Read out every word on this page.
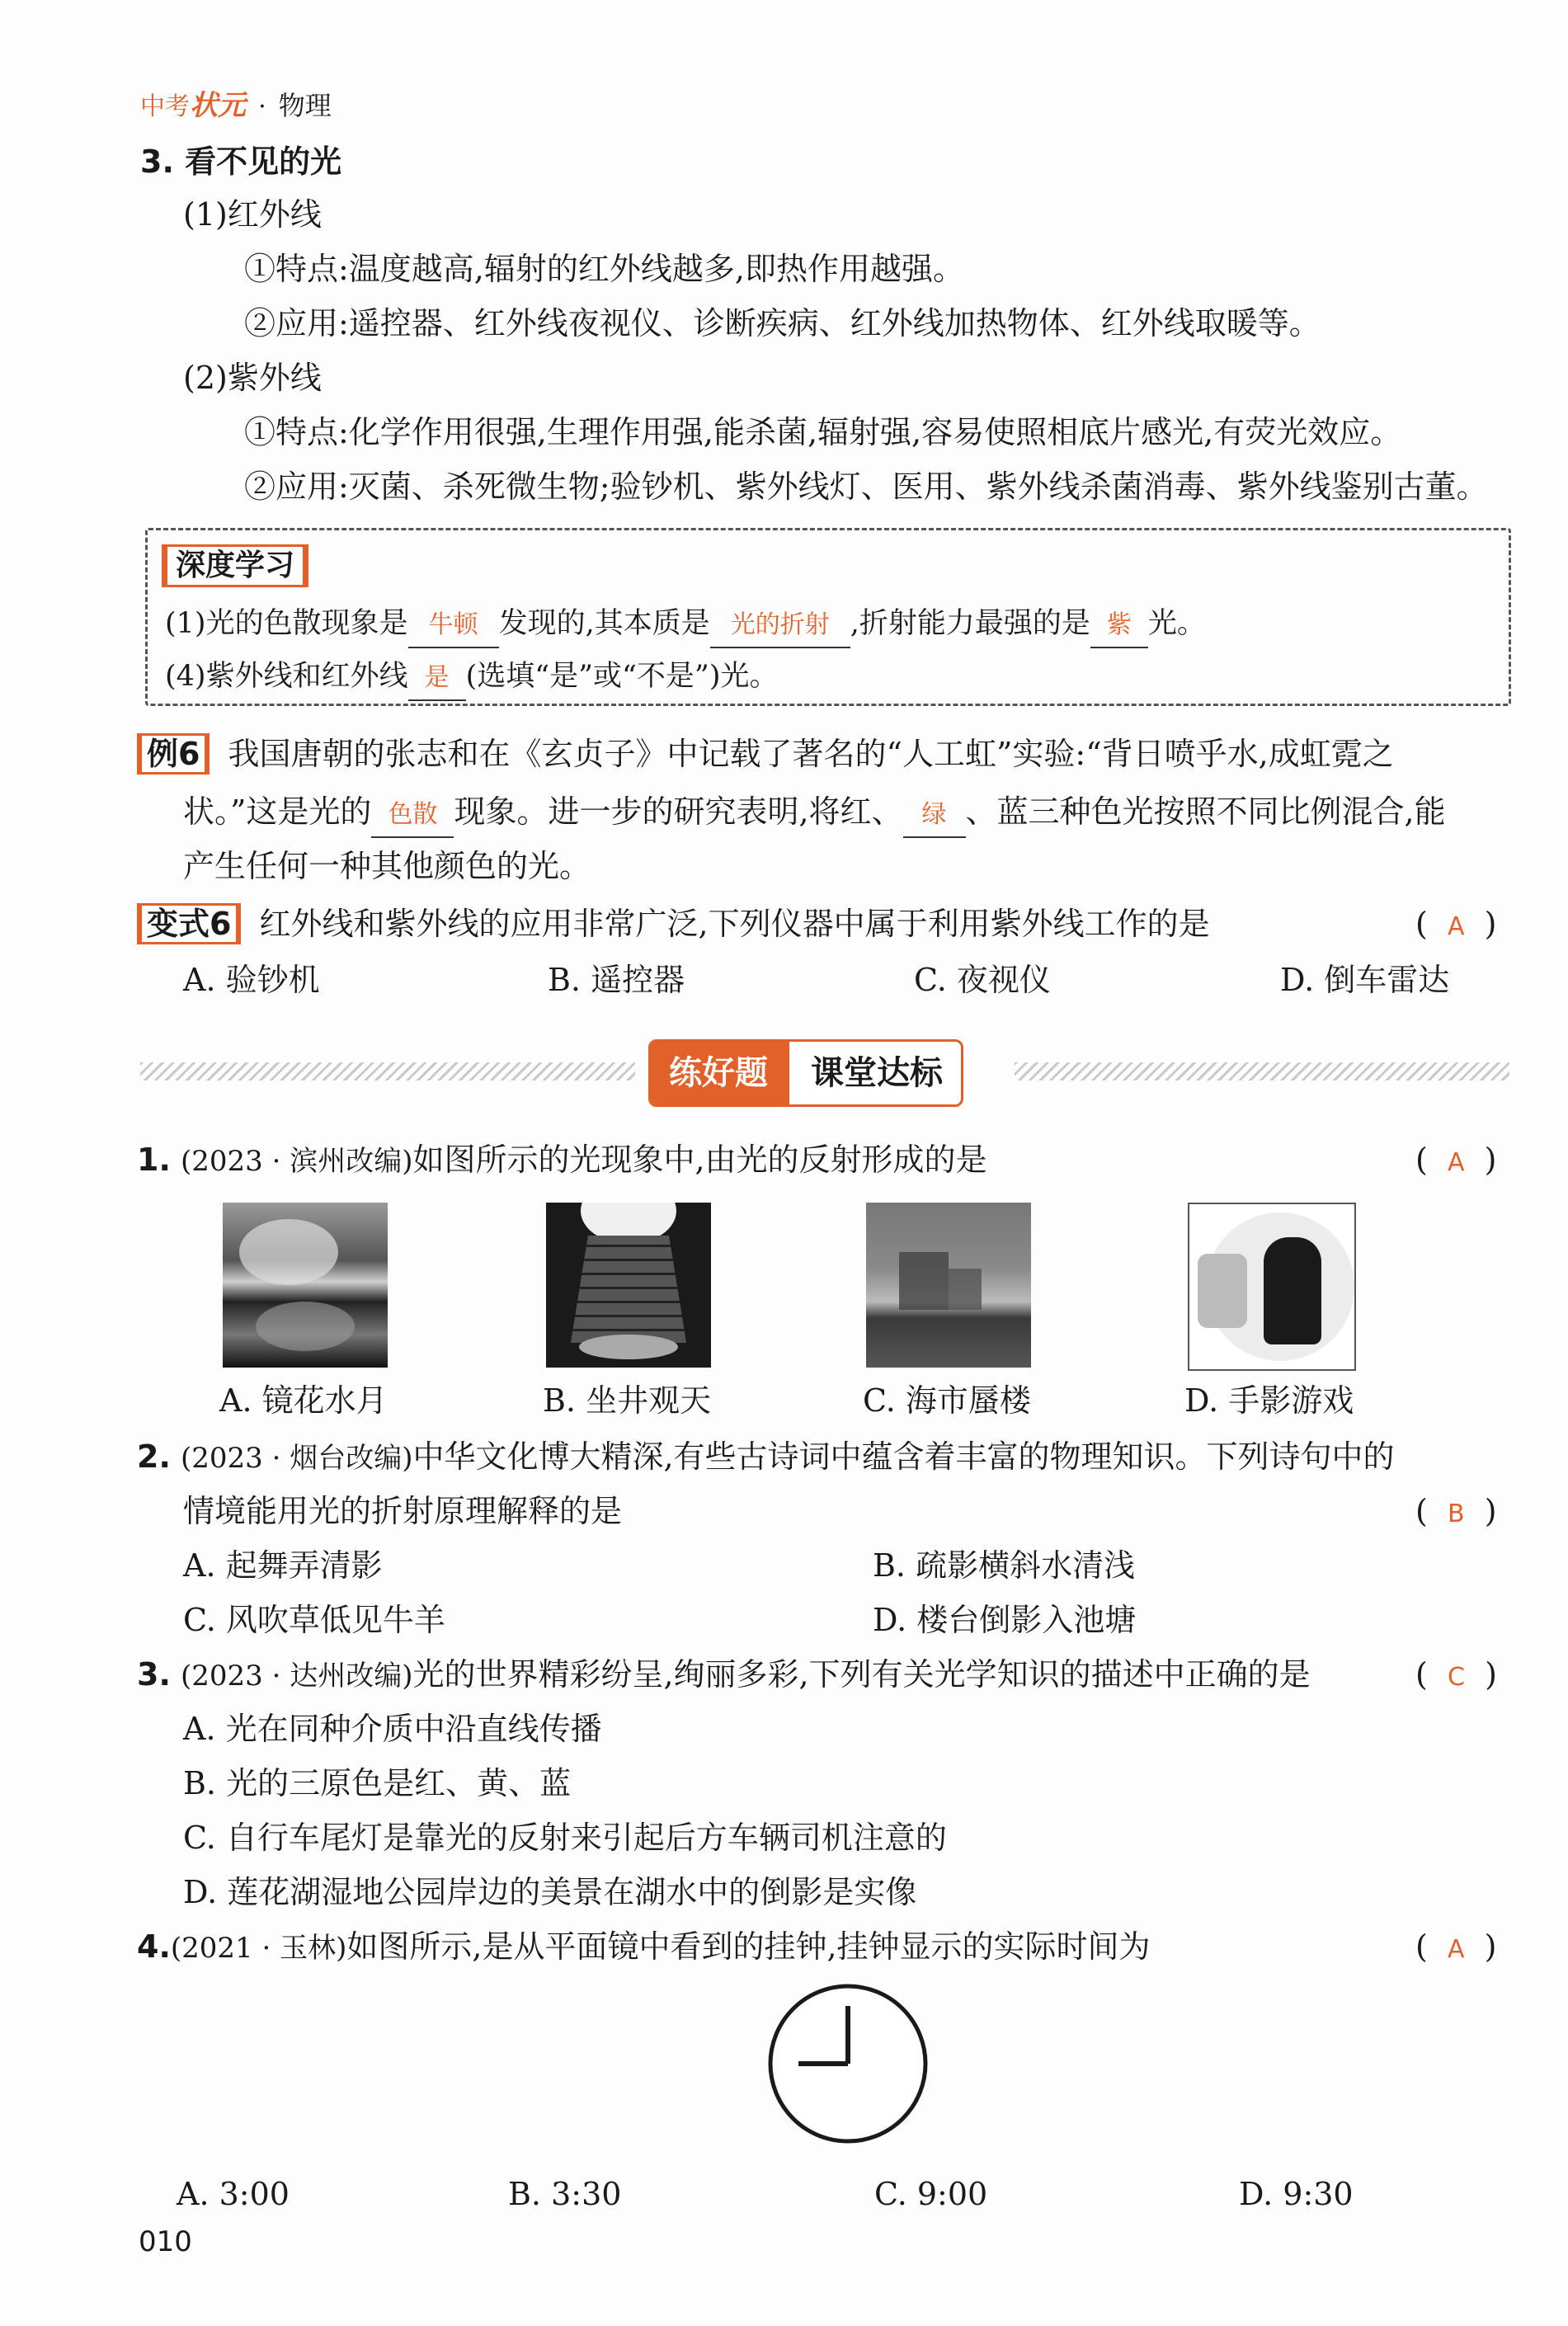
中考状元 · 物理
3. 看不见的光
(1)红外线
①特点:温度越高,辐射的红外线越多,即热作用越强。
②应用:遥控器、红外线夜视仪、诊断疾病、红外线加热物体、红外线取暖等。
(2)紫外线
①特点:化学作用很强,生理作用强,能杀菌,辐射强,容易使照相底片感光,有荧光效应。
②应用:灭菌、杀死微生物;验钞机、紫外线灯、医用、紫外线杀菌消毒、紫外线鉴别古董。
深度学习
(1)光的色散现象是 牛顿 发现的,其本质是 光的折射 ,折射能力最强的是 紫 光。
(4)紫外线和红外线 是 (选填“是”或“不是”)光。
例6 我国唐朝的张志和在《玄贞子》中记载了著名的“人工虹”实验:“背日喷乎水,成虹霓之
状。”这是光的 色散 现象。进一步的研究表明,将红、 绿 、蓝三种色光按照不同比例混合,能
产生任何一种其他颜色的光。
变式6 红外线和紫外线的应用非常广泛,下列仪器中属于利用紫外线工作的是	(  A  )
A. 验钞机	B. 遥控器	C. 夜视仪	D. 倒车雷达
练好题	课堂达标
1. (2023 · 滨州改编)如图所示的光现象中,由光的反射形成的是	(  A  )
A. 镜花水月	B. 坐井观天	C. 海市蜃楼	D. 手影游戏
2. (2023 · 烟台改编)中华文化博大精深,有些古诗词中蕴含着丰富的物理知识。下列诗句中的
情境能用光的折射原理解释的是	(  B  )
A. 起舞弄清影	B. 疏影横斜水清浅
C. 风吹草低见牛羊	D. 楼台倒影入池塘
3. (2023 · 达州改编)光的世界精彩纷呈,绚丽多彩,下列有关光学知识的描述中正确的是	(  C  )
A. 光在同种介质中沿直线传播
B. 光的三原色是红、黄、蓝
C. 自行车尾灯是靠光的反射来引起后方车辆司机注意的
D. 莲花湖湿地公园岸边的美景在湖水中的倒影是实像
4.(2021 · 玉林)如图所示,是从平面镜中看到的挂钟,挂钟显示的实际时间为	(  A  )
A. 3:00	B. 3:30	C. 9:00	D. 9:30
010
